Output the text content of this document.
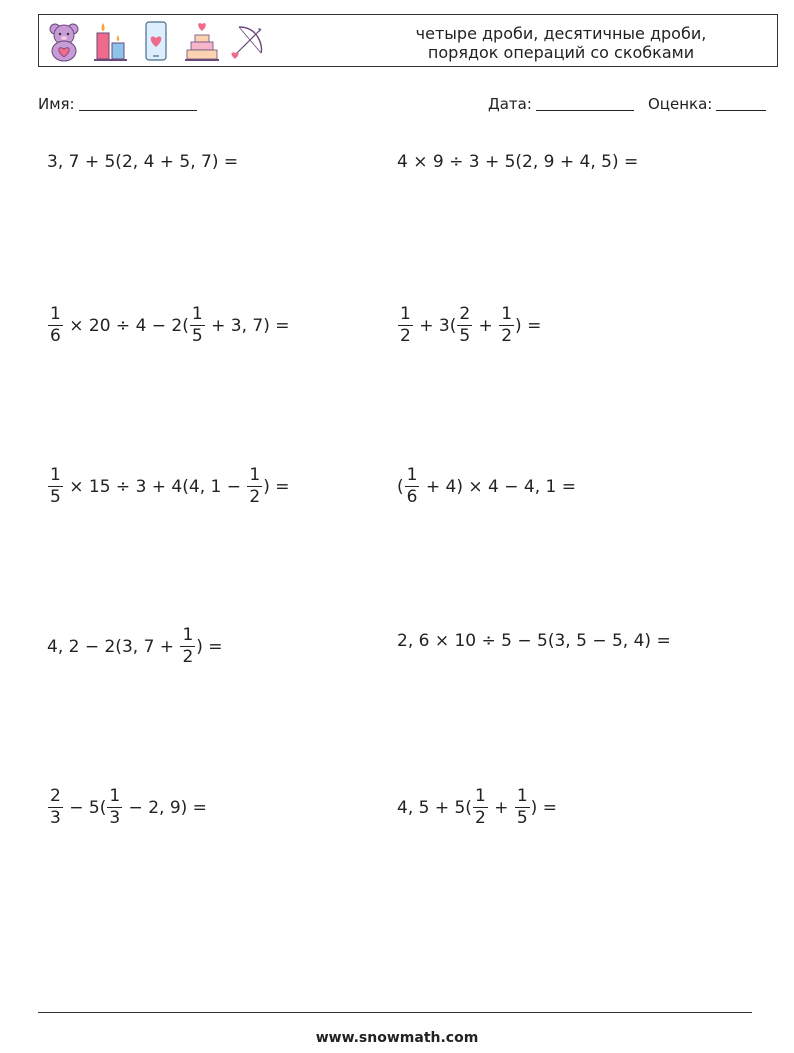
четыре дроби, десятичные дроби,
порядок операций со скобками
Имя:	Дата:	Оценка:
3, 7 + 5(2, 4 + 5, 7) =	4 × 9 ÷ 3 + 5(2, 9 + 4, 5) =
$\frac{1}{6} \times 20 \div 4 - 2( \frac{1}{5} + 3$, 7) =	$\frac{1}{2} + 3( \frac{2}{5} + \frac{1}{2}$ ) =
$\frac{1}{5} \times 15 \div 3 + 4(4$, $1 - \frac{1}{2}$ ) =	( $\frac{1}{6} + 4) \times 4 - 4$, 1 =
4, 2 − 2(3, $7 + \frac{1}{2}$ ) =	2, 6 × 10 ÷ 5 − 5(3, 5 − 5, 4) =
$\frac{2}{3} - 5( \frac{1}{3} - 2$, 9) =	4, $5 + 5( \frac{1}{2} + \frac{1}{5}$ ) =
www.snowmath.com
